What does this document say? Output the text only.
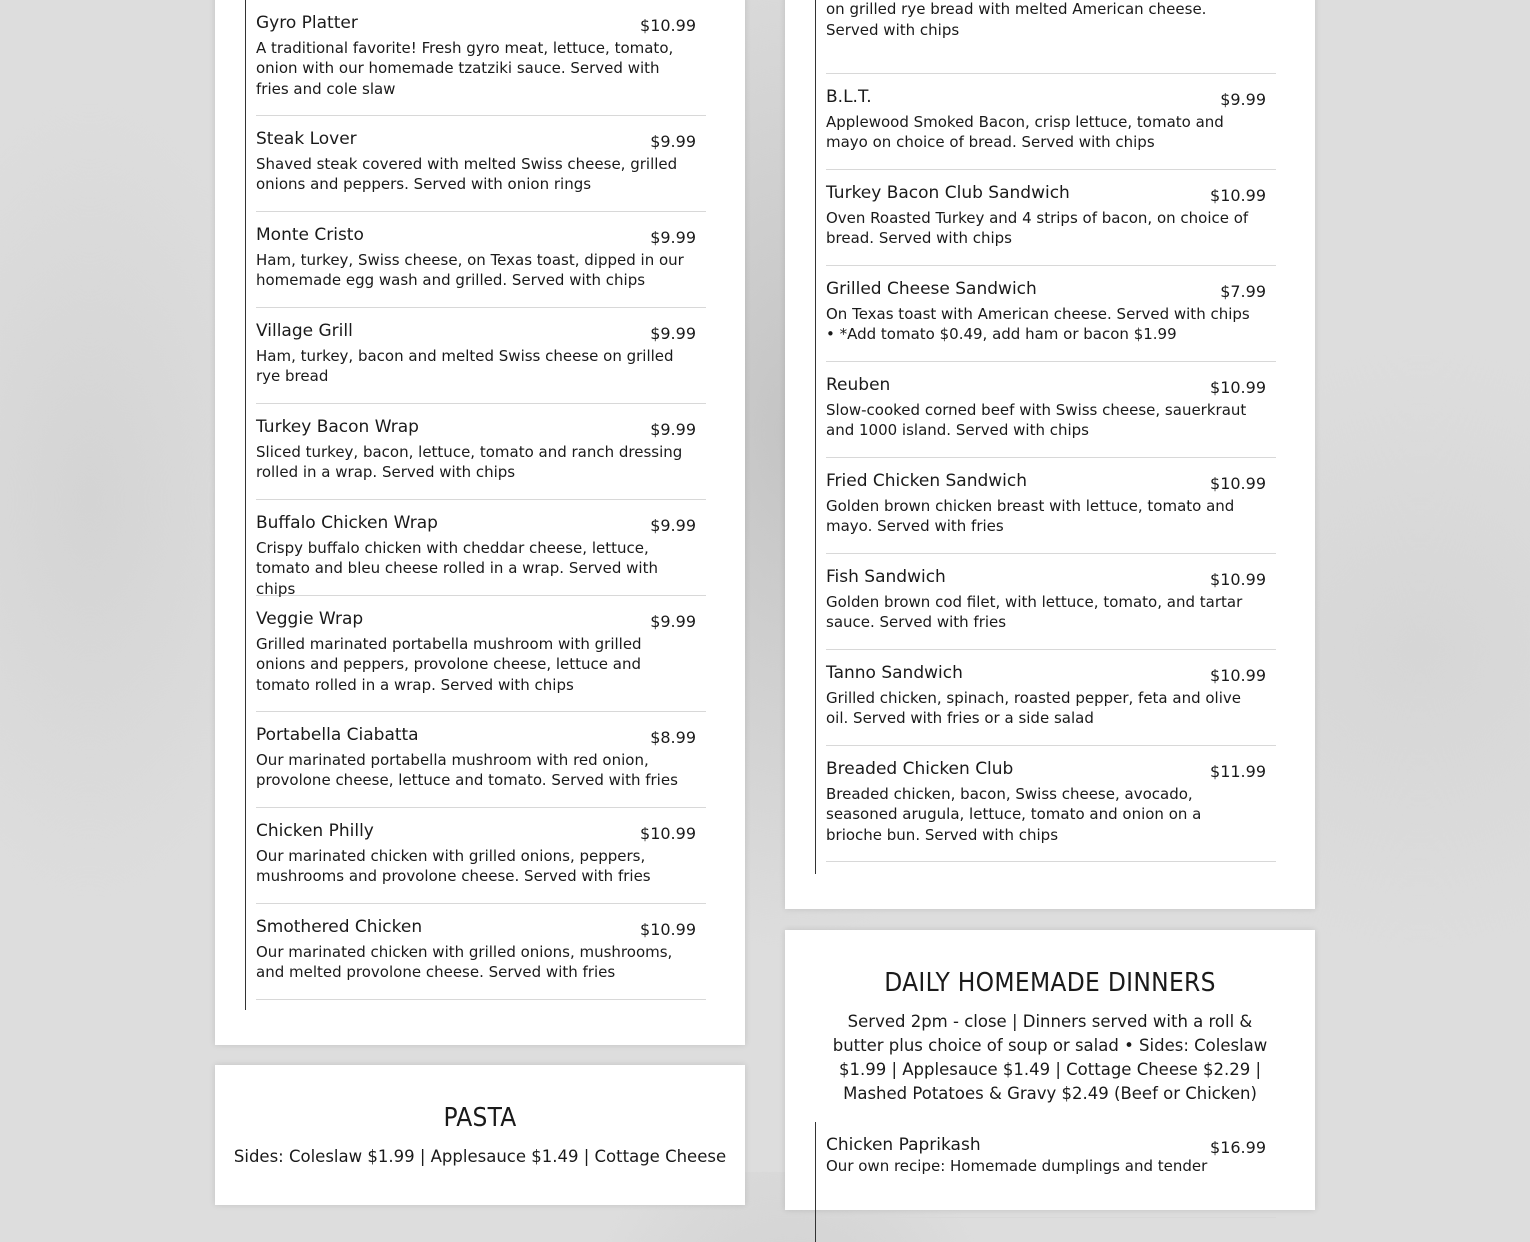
Gyro Platter	$10.99
A traditional favorite! Fresh gyro meat, lettuce, tomato, onion with our homemade tzatziki sauce. Served with fries and cole slaw
Steak Lover	$9.99
Shaved steak covered with melted Swiss cheese, grilled onions and peppers. Served with onion rings
Monte Cristo	$9.99
Ham, turkey, Swiss cheese, on Texas toast, dipped in our homemade egg wash and grilled. Served with chips
Village Grill	$9.99
Ham, turkey, bacon and melted Swiss cheese on grilled rye bread
Turkey Bacon Wrap	$9.99
Sliced turkey, bacon, lettuce, tomato and ranch dressing rolled in a wrap. Served with chips
Buffalo Chicken Wrap	$9.99
Crispy buffalo chicken with cheddar cheese, lettuce, tomato and bleu cheese rolled in a wrap. Served with chips
Veggie Wrap	$9.99
Grilled marinated portabella mushroom with grilled onions and peppers, provolone cheese, lettuce and tomato rolled in a wrap. Served with chips
Portabella Ciabatta	$8.99
Our marinated portabella mushroom with red onion, provolone cheese, lettuce and tomato. Served with fries
Chicken Philly	$10.99
Our marinated chicken with grilled onions, peppers, mushrooms and provolone cheese. Served with fries
Smothered Chicken	$10.99
Our marinated chicken with grilled onions, mushrooms, and melted provolone cheese. Served with fries
on grilled rye bread with melted American cheese. Served with chips
B.L.T.	$9.99
Applewood Smoked Bacon, crisp lettuce, tomato and mayo on choice of bread. Served with chips
Turkey Bacon Club Sandwich	$10.99
Oven Roasted Turkey and 4 strips of bacon, on choice of bread. Served with chips
Grilled Cheese Sandwich	$7.99
On Texas toast with American cheese. Served with chips • *Add tomato $0.49, add ham or bacon $1.99
Reuben	$10.99
Slow-cooked corned beef with Swiss cheese, sauerkraut and 1000 island. Served with chips
Fried Chicken Sandwich	$10.99
Golden brown chicken breast with lettuce, tomato and mayo. Served with fries
Fish Sandwich	$10.99
Golden brown cod filet, with lettuce, tomato, and tartar sauce. Served with fries
Tanno Sandwich	$10.99
Grilled chicken, spinach, roasted pepper, feta and olive oil. Served with fries or a side salad
Breaded Chicken Club	$11.99
Breaded chicken, bacon, Swiss cheese, avocado, seasoned arugula, lettuce, tomato and onion on a brioche bun. Served with chips
PASTA
Sides: Coleslaw $1.99 | Applesauce $1.49 | Cottage Cheese
DAILY HOMEMADE DINNERS
Served 2pm - close | Dinners served with a roll & butter plus choice of soup or salad • Sides: Coleslaw $1.99 | Applesauce $1.49 | Cottage Cheese $2.29 | Mashed Potatoes & Gravy $2.49 (Beef or Chicken)
Chicken Paprikash	$16.99
Our own recipe: Homemade dumplings and tender
